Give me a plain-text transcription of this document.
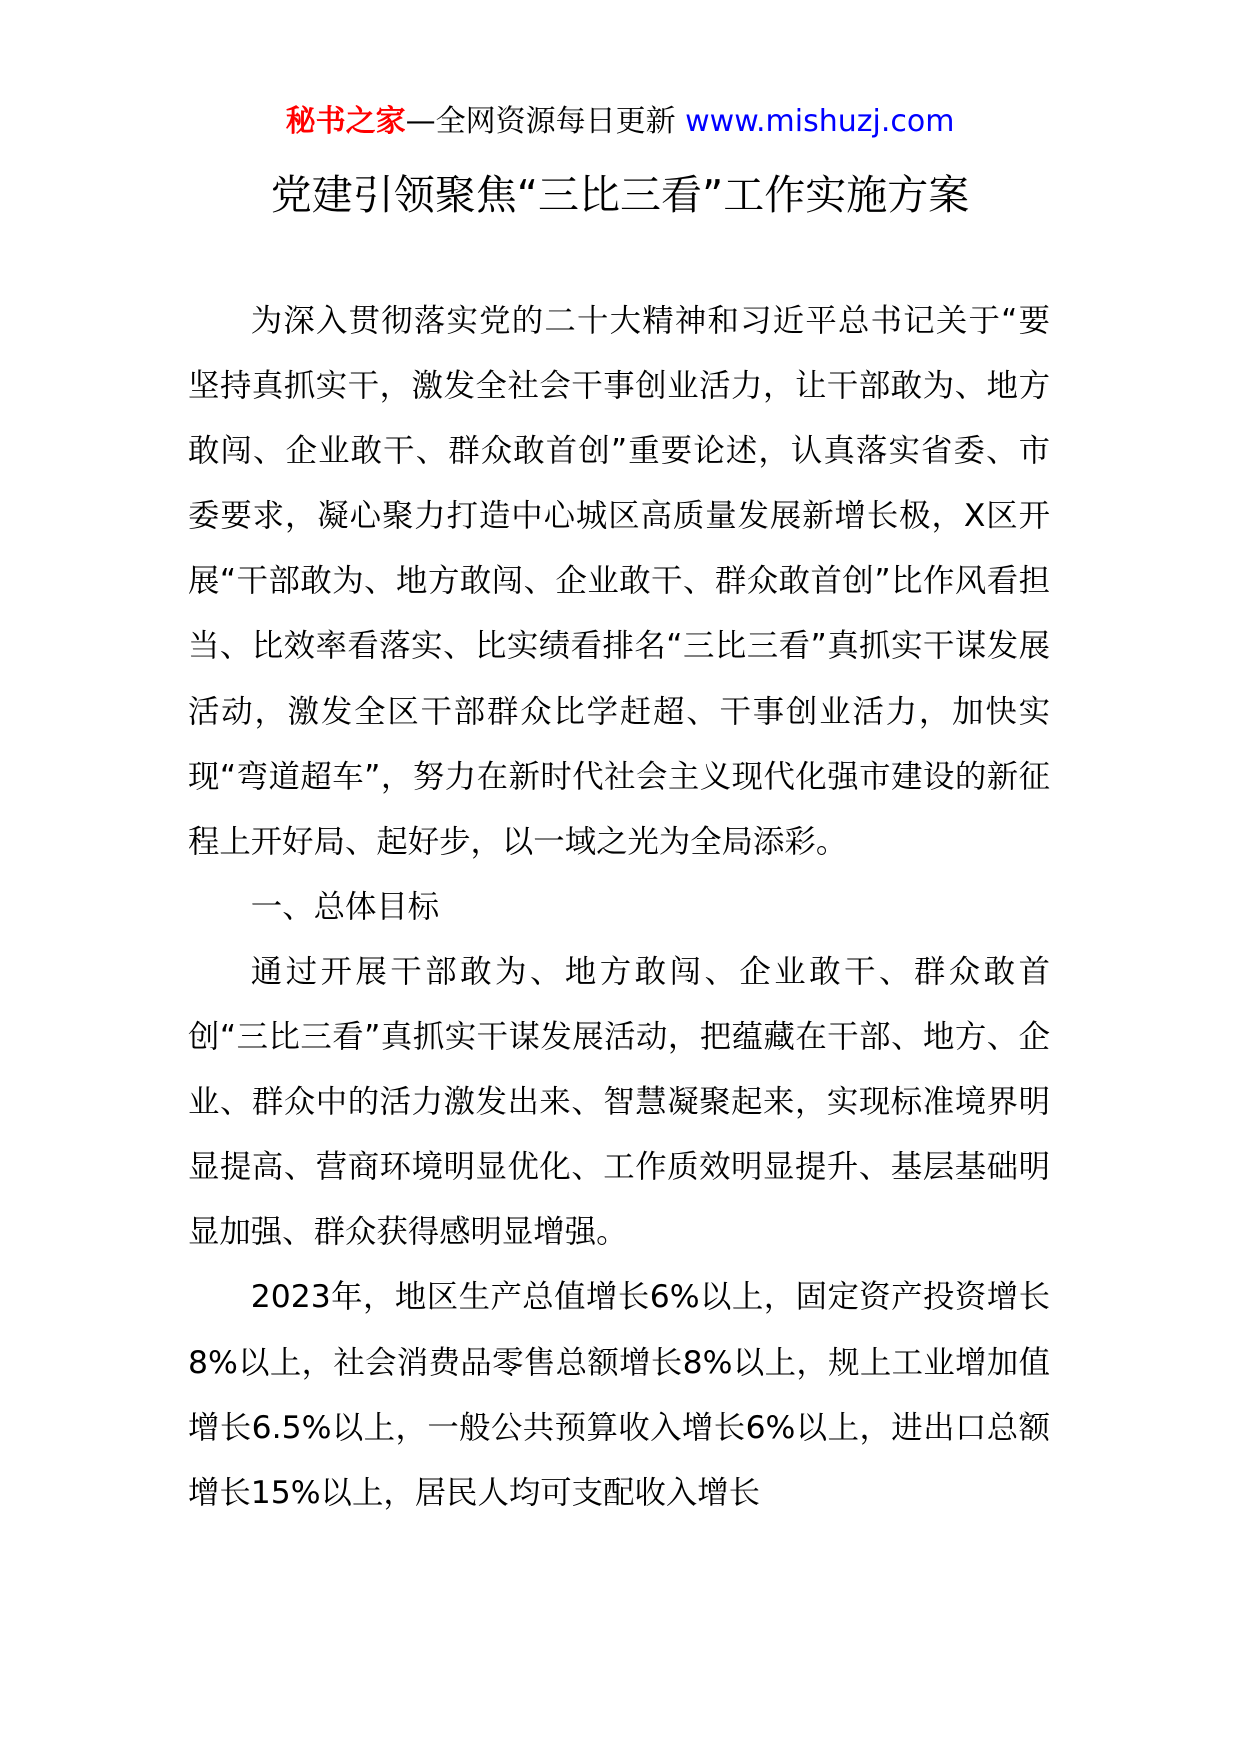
秘书之家—全网资源每日更新 www.mishuzj.com
党建引领聚焦“三比三看”工作实施方案

为深入贯彻落实党的二十大精神和习近平总书记关于“要坚持真抓实干，激发全社会干事创业活力，让干部敢为、地方敢闯、企业敢干、群众敢首创”重要论述，认真落实省委、市委要求，凝心聚力打造中心城区高质量发展新增长极，X区开展“干部敢为、地方敢闯、企业敢干、群众敢首创”比作风看担当、比效率看落实、比实绩看排名“三比三看”真抓实干谋发展活动，激发全区干部群众比学赶超、干事创业活力，加快实现“弯道超车”，努力在新时代社会主义现代化强市建设的新征程上开好局、起好步，以一域之光为全局添彩。

一、总体目标

通过开展干部敢为、地方敢闯、企业敢干、群众敢首创“三比三看”真抓实干谋发展活动，把蕴藏在干部、地方、企业、群众中的活力激发出来、智慧凝聚起来，实现标准境界明显提高、营商环境明显优化、工作质效明显提升、基层基础明显加强、群众获得感明显增强。

2023年，地区生产总值增长6%以上，固定资产投资增长8%以上，社会消费品零售总额增长8%以上，规上工业增加值增长6.5%以上，一般公共预算收入增长6%以上，进出口总额增长15%以上，居民人均可支配收入增长
